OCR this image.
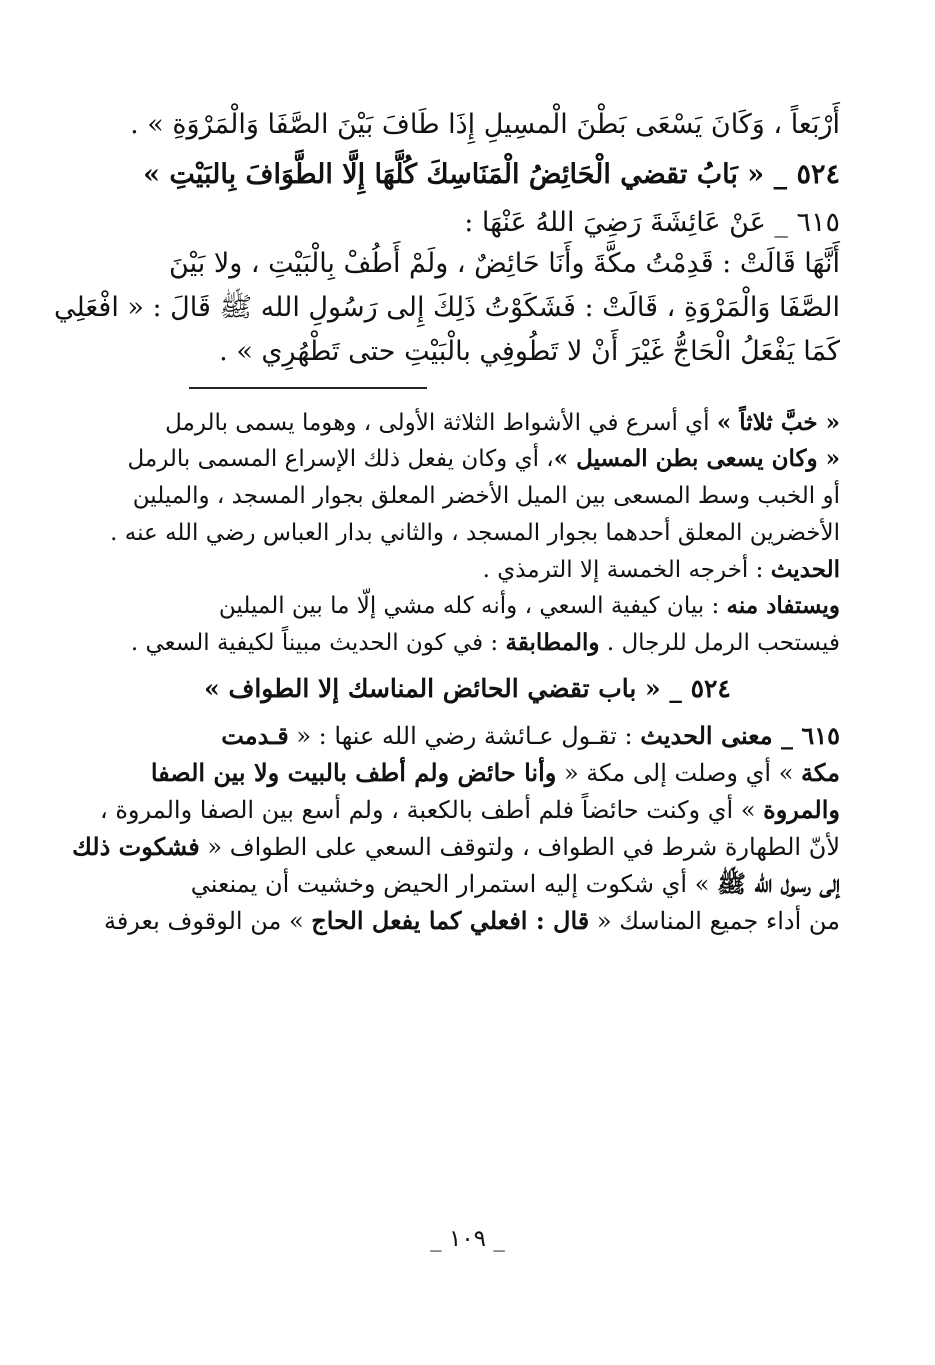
أَرْبَعاً ، وَكَانَ يَسْعَى بَطْنَ الْمسِيلِ إِذَا طَافَ بَيْنَ الصَّفَا وَالْمَرْوَةِ » .

٥٢٤ _ « بَابُ تقضي الْحَائِضُ الْمَنَاسِكَ كُلَّهَا إِلَّا الطَّوَافَ بِالبَيْتِ »

٦١٥ _ عَنْ عَائِشَةَ رَضِيَ اللهُ عَنْهَا :

أَنَّهَا قَالَتْ : قَدِمْتُ مكَّةَ وأَنَا حَائِضٌ ، ولَمْ أَطُفْ بِالْبَيْتِ ، ولا بَيْنَ

الصَّفَا وَالْمَرْوَةِ ، قَالَتْ : فَشَكَوْتُ ذَلِكَ إِلى رَسُولِ الله ﷺ قَالَ : « افْعَلِي

كَمَا يَفْعَلُ الْحَاجُّ غَيْرَ أَنْ لا تَطُوفِي بالْبَيْتِ حتى تَطْهُرِي » .

« خبَّ ثلاثاً » أي أسرع في الأشواط الثلاثة الأولى ، وهوما يسمى بالرمل

« وكان يسعى بطن المسيل »، أي وكان يفعل ذلك الإسراع المسمى بالرمل

أو الخبب وسط المسعى بين الميل الأخضر المعلق بجوار المسجد ، والميلين

الأخضرين المعلق أحدهما بجوار المسجد ، والثاني بدار العباس رضي الله عنه .

الحديث : أخرجه الخمسة إلا الترمذي .

ويستفاد منه : بيان كيفية السعي ، وأنه كله مشي إلّا ما بين الميلين

فيستحب الرمل للرجال . والمطابقة : في كون الحديث مبيناً لكيفية السعي .

٥٢٤ _ « باب تقضي الحائض المناسك إلا الطواف »

٦١٥ _ معنى الحديث : تقـول عـائشة رضي الله عنها : « قـدمت

مكة » أي وصلت إلى مكة « وأنا حائض ولم أطف بالبيت ولا بين الصفا

والمروة » أي وكنت حائضاً فلم أطف بالكعبة ، ولم أسع بين الصفا والمروة ،

لأنّ الطهارة شرط في الطواف ، ولتوقف السعي على الطواف « فشكوت ذلك

إلى رسول الله ﷺ » أي شكوت إليه استمرار الحيض وخشيت أن يمنعني

من أداء جميع المناسك « قال : افعلي كما يفعل الحاج » من الوقوف بعرفة

_ ١٠٩ _
